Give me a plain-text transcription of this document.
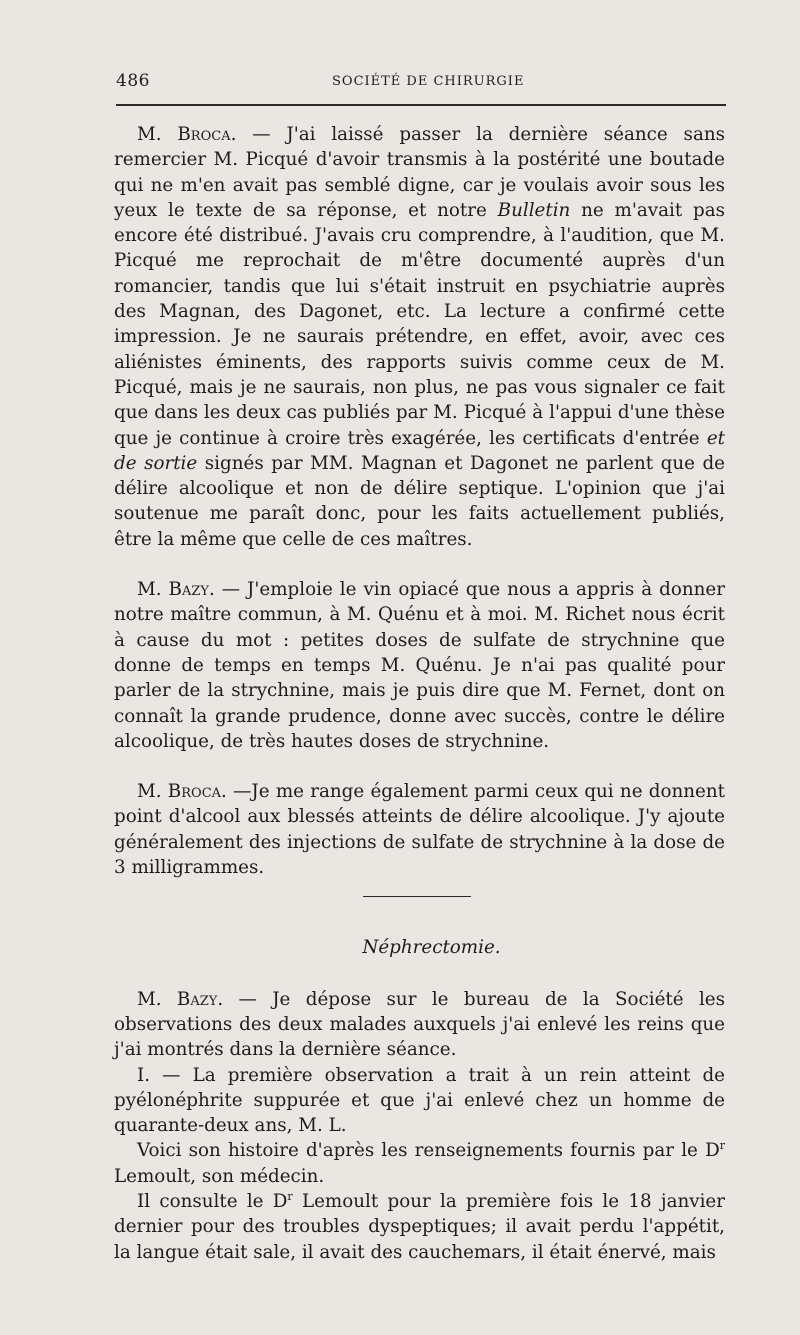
486	SOCIÉTÉ DE CHIRURGIE

M. Broca. — J'ai laissé passer la dernière séance sans remercier M. Picqué d'avoir transmis à la postérité une boutade qui ne m'en avait pas semblé digne, car je voulais avoir sous les yeux le texte de sa réponse, et notre Bulletin ne m'avait pas encore été distribué. J'avais cru comprendre, à l'audition, que M. Picqué me reprochait de m'être documenté auprès d'un romancier, tandis que lui s'était instruit en psychiatrie auprès des Magnan, des Dagonet, etc. La lecture a confirmé cette impression. Je ne saurais prétendre, en effet, avoir, avec ces aliénistes éminents, des rapports suivis comme ceux de M. Picqué, mais je ne saurais, non plus, ne pas vous signaler ce fait que dans les deux cas publiés par M. Picqué à l'appui d'une thèse que je continue à croire très exagérée, les certificats d'entrée et de sortie signés par MM. Magnan et Dagonet ne parlent que de délire alcoolique et non de délire septique. L'opinion que j'ai soutenue me paraît donc, pour les faits actuellement publiés, être la même que celle de ces maîtres.

M. Bazy. — J'emploie le vin opiacé que nous a appris à donner notre maître commun, à M. Quénu et à moi. M. Richet nous écrit à cause du mot : petites doses de sulfate de strychnine que donne de temps en temps M. Quénu. Je n'ai pas qualité pour parler de la strychnine, mais je puis dire que M. Fernet, dont on connaît la grande prudence, donne avec succès, contre le délire alcoolique, de très hautes doses de strychnine.

M. Broca. —Je me range également parmi ceux qui ne donnent point d'alcool aux blessés atteints de délire alcoolique. J'y ajoute généralement des injections de sulfate de strychnine à la dose de 3 milligrammes.

Néphrectomie.

M. Bazy. — Je dépose sur le bureau de la Société les observations des deux malades auxquels j'ai enlevé les reins que j'ai montrés dans la dernière séance.

I. — La première observation a trait à un rein atteint de pyélonéphrite suppurée et que j'ai enlevé chez un homme de quarante-deux ans, M. L.

Voici son histoire d'après les renseignements fournis par le $D^r$ Lemoult, son médecin.

Il consulte le $D^r$ Lemoult pour la première fois le 18 janvier dernier pour des troubles dyspeptiques; il avait perdu l'appétit, la langue était sale, il avait des cauchemars, il était énervé, mais
